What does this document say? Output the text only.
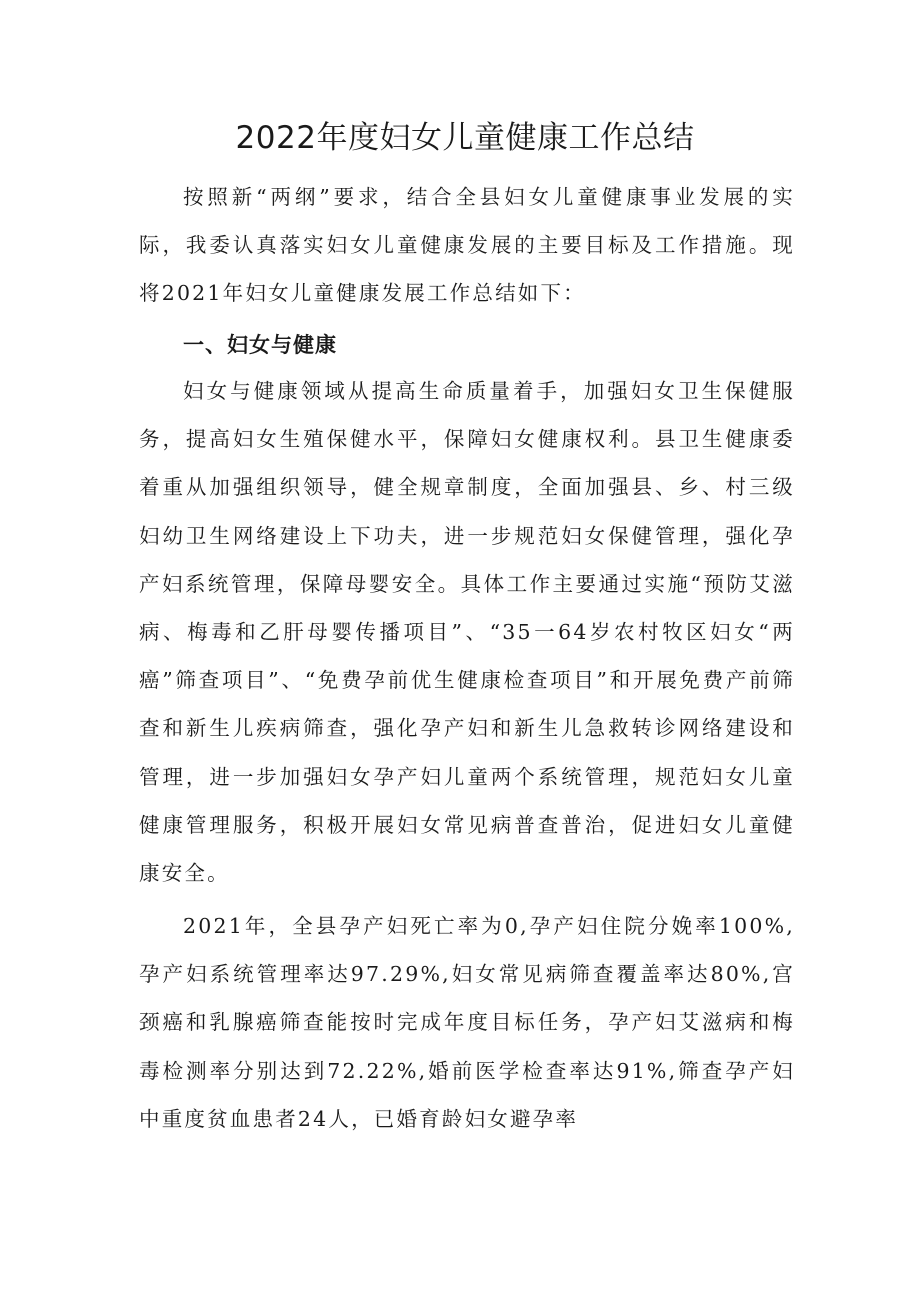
2022年度妇女儿童健康工作总结

按照新“两纲”要求，结合全县妇女儿童健康事业发展的实际，我委认真落实妇女儿童健康发展的主要目标及工作措施。现将2021年妇女儿童健康发展工作总结如下：

一、妇女与健康

妇女与健康领域从提高生命质量着手，加强妇女卫生保健服务，提高妇女生殖保健水平，保障妇女健康权利。县卫生健康委着重从加强组织领导，健全规章制度，全面加强县、乡、村三级妇幼卫生网络建设上下功夫，进一步规范妇女保健管理，强化孕产妇系统管理，保障母婴安全。具体工作主要通过实施“预防艾滋病、梅毒和乙肝母婴传播项目”、“35一64岁农村牧区妇女“两癌”筛查项目”、“免费孕前优生健康检查项目”和开展免费产前筛查和新生儿疾病筛查，强化孕产妇和新生儿急救转诊网络建设和管理，进一步加强妇女孕产妇儿童两个系统管理，规范妇女儿童健康管理服务，积极开展妇女常见病普查普治，促进妇女儿童健康安全。

2021年，全县孕产妇死亡率为0,孕产妇住院分娩率100%,孕产妇系统管理率达97.29%,妇女常见病筛查覆盖率达80%,宫颈癌和乳腺癌筛查能按时完成年度目标任务，孕产妇艾滋病和梅毒检测率分别达到72.22%,婚前医学检查率达91%,筛查孕产妇中重度贫血患者24人，已婚育龄妇女避孕率
